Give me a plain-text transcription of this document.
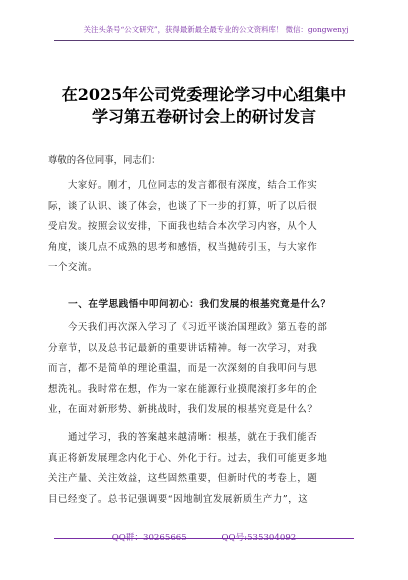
关注头条号“公文研究”，获得最新最全最专业的公文资料库！ 微信：gongwenyj
在2025年公司党委理论学习中心组集中
学习第五卷研讨会上的研讨发言
尊敬的各位同事，同志们：
　　大家好。刚才，几位同志的发言都很有深度，结合工作实
际，谈了认识、谈了体会，也谈了下一步的打算，听了以后很
受启发。按照会议安排，下面我也结合本次学习内容，从个人
角度，谈几点不成熟的思考和感悟，权当抛砖引玉，与大家作
一个交流。
　　一、在学思践悟中叩问初心：我们发展的根基究竟是什么？
　　今天我们再次深入学习了《习近平谈治国理政》第五卷的部
分章节，以及总书记最新的重要讲话精神。每一次学习，对我
而言，都不是简单的理论重温，而是一次深刻的自我叩问与思
想洗礼。我时常在想，作为一家在能源行业摸爬滚打多年的企
业，在面对新形势、新挑战时，我们发展的根基究竟是什么？
　　通过学习，我的答案越来越清晰：根基，就在于我们能否
真正将新发展理念内化于心、外化于行。过去，我们可能更多地
关注产量、关注效益，这些固然重要，但新时代的考卷上，题
目已经变了。总书记强调要“因地制宜发展新质生产力”，这
QQ群：30265665	QQ号:535304092
